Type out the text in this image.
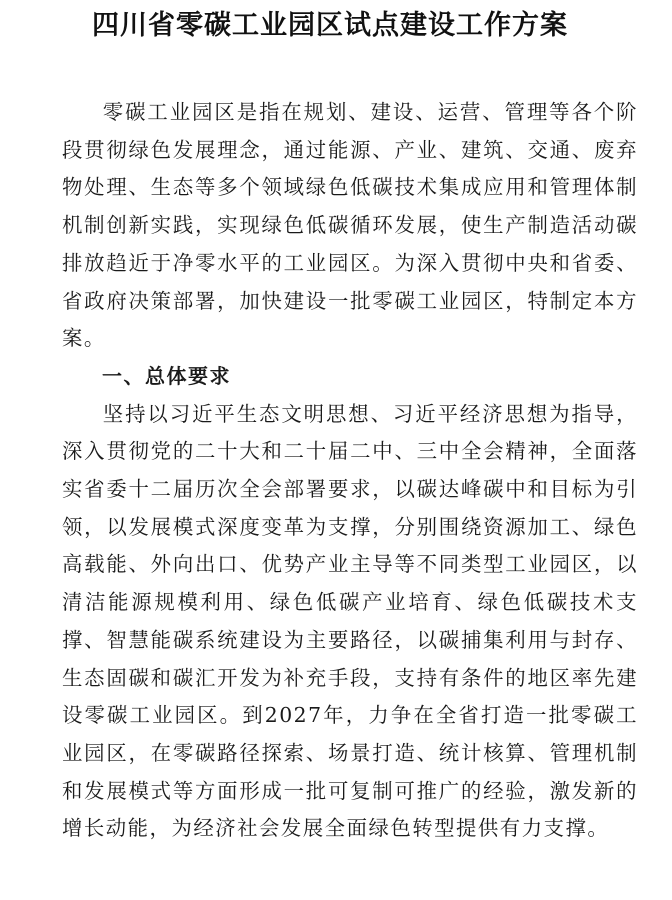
四川省零碳工业园区试点建设工作方案

零碳工业园区是指在规划、建设、运营、管理等各个阶段贯彻绿色发展理念，通过能源、产业、建筑、交通、废弃物处理、生态等多个领域绿色低碳技术集成应用和管理体制机制创新实践，实现绿色低碳循环发展，使生产制造活动碳排放趋近于净零水平的工业园区。为深入贯彻中央和省委、省政府决策部署，加快建设一批零碳工业园区，特制定本方案。

一、总体要求

坚持以习近平生态文明思想、习近平经济思想为指导，深入贯彻党的二十大和二十届二中、三中全会精神，全面落实省委十二届历次全会部署要求，以碳达峰碳中和目标为引领，以发展模式深度变革为支撑，分别围绕资源加工、绿色高载能、外向出口、优势产业主导等不同类型工业园区，以清洁能源规模利用、绿色低碳产业培育、绿色低碳技术支撑、智慧能碳系统建设为主要路径，以碳捕集利用与封存、生态固碳和碳汇开发为补充手段，支持有条件的地区率先建设零碳工业园区。到2027年，力争在全省打造一批零碳工业园区，在零碳路径探索、场景打造、统计核算、管理机制和发展模式等方面形成一批可复制可推广的经验，激发新的增长动能，为经济社会发展全面绿色转型提供有力支撑。
